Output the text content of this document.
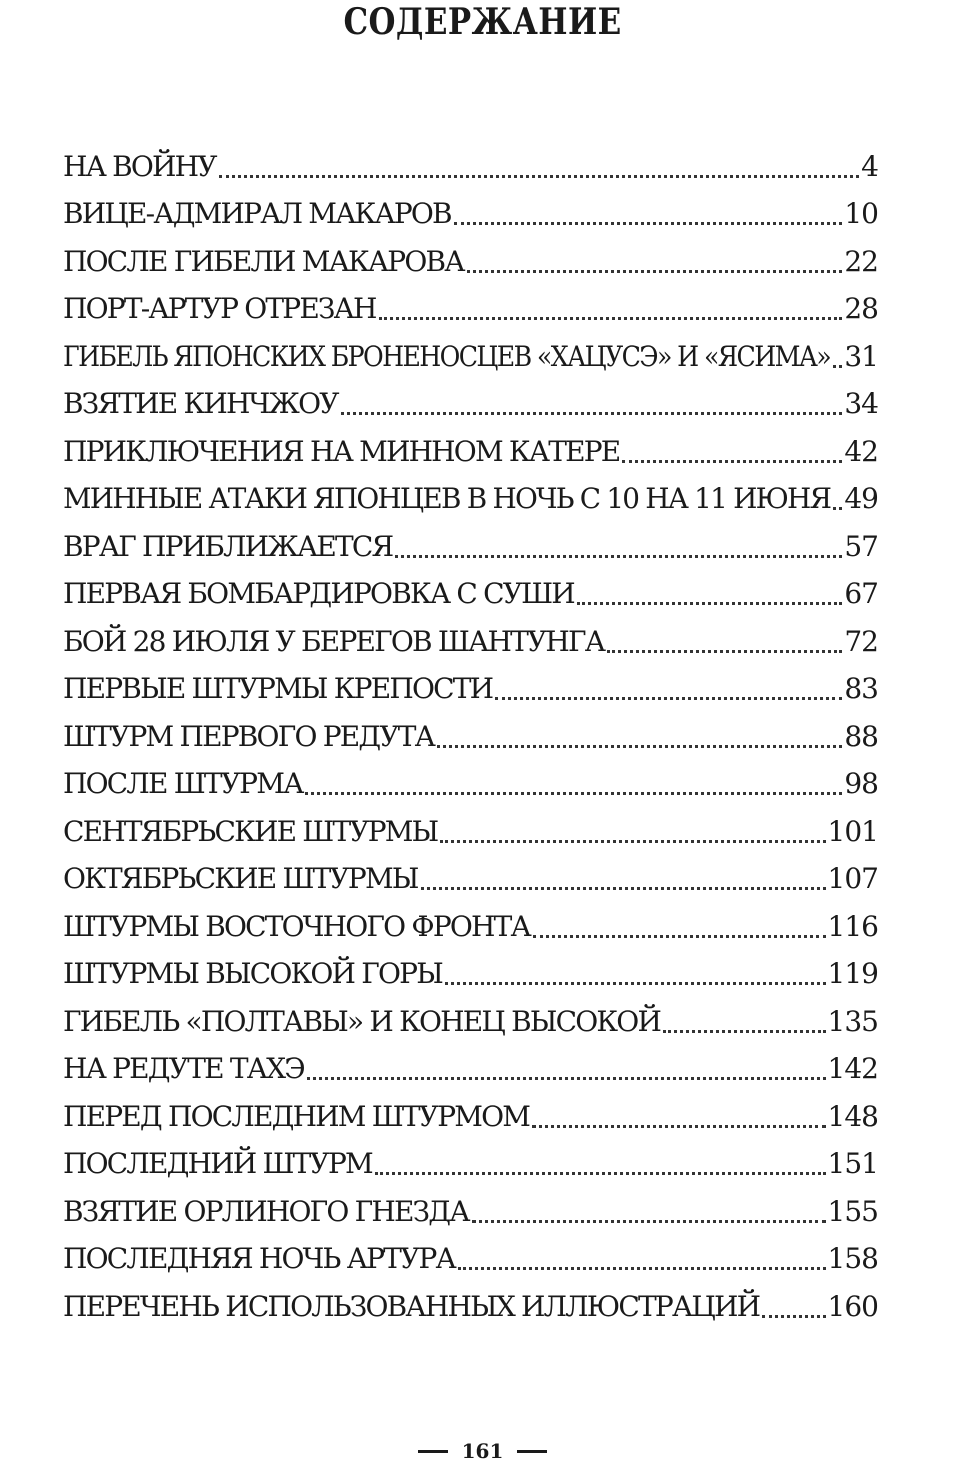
СОДЕРЖАНИЕ
НА ВОЙНУ	4
ВИЦЕ-АДМИРАЛ МАКАРОВ	10
ПОСЛЕ ГИБЕЛИ МАКАРОВА	22
ПОРТ-АРТУР ОТРЕЗАН	28
ГИБЕЛЬ ЯПОНСКИХ БРОНЕНОСЦЕВ «ХАЦУСЭ» И «ЯСИМА» 31
ВЗЯТИЕ КИНЧЖОУ	34
ПРИКЛЮЧЕНИЯ НА МИННОМ КАТЕРЕ	42
МИННЫЕ АТАКИ ЯПОНЦЕВ В НОЧЬ С 10 НА 11 ИЮНЯ 49
ВРАГ ПРИБЛИЖАЕТСЯ	57
ПЕРВАЯ БОМБАРДИРОВКА С СУШИ	67
БОЙ 28 ИЮЛЯ У БЕРЕГОВ ШАНТУНГА	72
ПЕРВЫЕ ШТУРМЫ КРЕПОСТИ	83
ШТУРМ ПЕРВОГО РЕДУТА	88
ПОСЛЕ ШТУРМА	98
СЕНТЯБРЬСКИЕ ШТУРМЫ	101
ОКТЯБРЬСКИЕ ШТУРМЫ	107
ШТУРМЫ ВОСТОЧНОГО ФРОНТА	116
ШТУРМЫ ВЫСОКОЙ ГОРЫ	119
ГИБЕЛЬ «ПОЛТАВЫ» И КОНЕЦ ВЫСОКОЙ	135
НА РЕДУТЕ ТАХЭ	142
ПЕРЕД ПОСЛЕДНИМ ШТУРМОМ	148
ПОСЛЕДНИЙ ШТУРМ	151
ВЗЯТИЕ ОРЛИНОГО ГНЕЗДА	155
ПОСЛЕДНЯЯ НОЧЬ АРТУРА	158
ПЕРЕЧЕНЬ ИСПОЛЬЗОВАННЫХ ИЛЛЮСТРАЦИЙ 160
161
